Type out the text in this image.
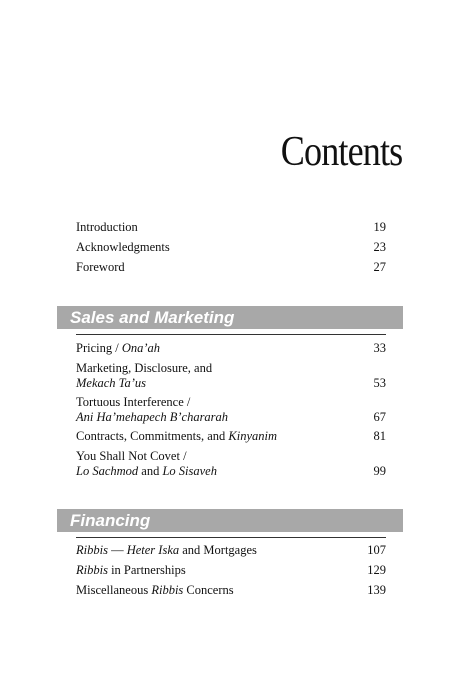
Contents
Introduction	19
Acknowledgments	23
Foreword	27
Sales and Marketing
Pricing / Ona’ah	33
Marketing, Disclosure, and
Mekach Ta’us	53
Tortuous Interference /
Ani Ha’mehapech B’chararah	67
Contracts, Commitments, and Kinyanim	81
You Shall Not Covet /
Lo Sachmod and Lo Sisaveh	99
Financing
Ribbis — Heter Iska and Mortgages	107
Ribbis in Partnerships	129
Miscellaneous Ribbis Concerns	139
